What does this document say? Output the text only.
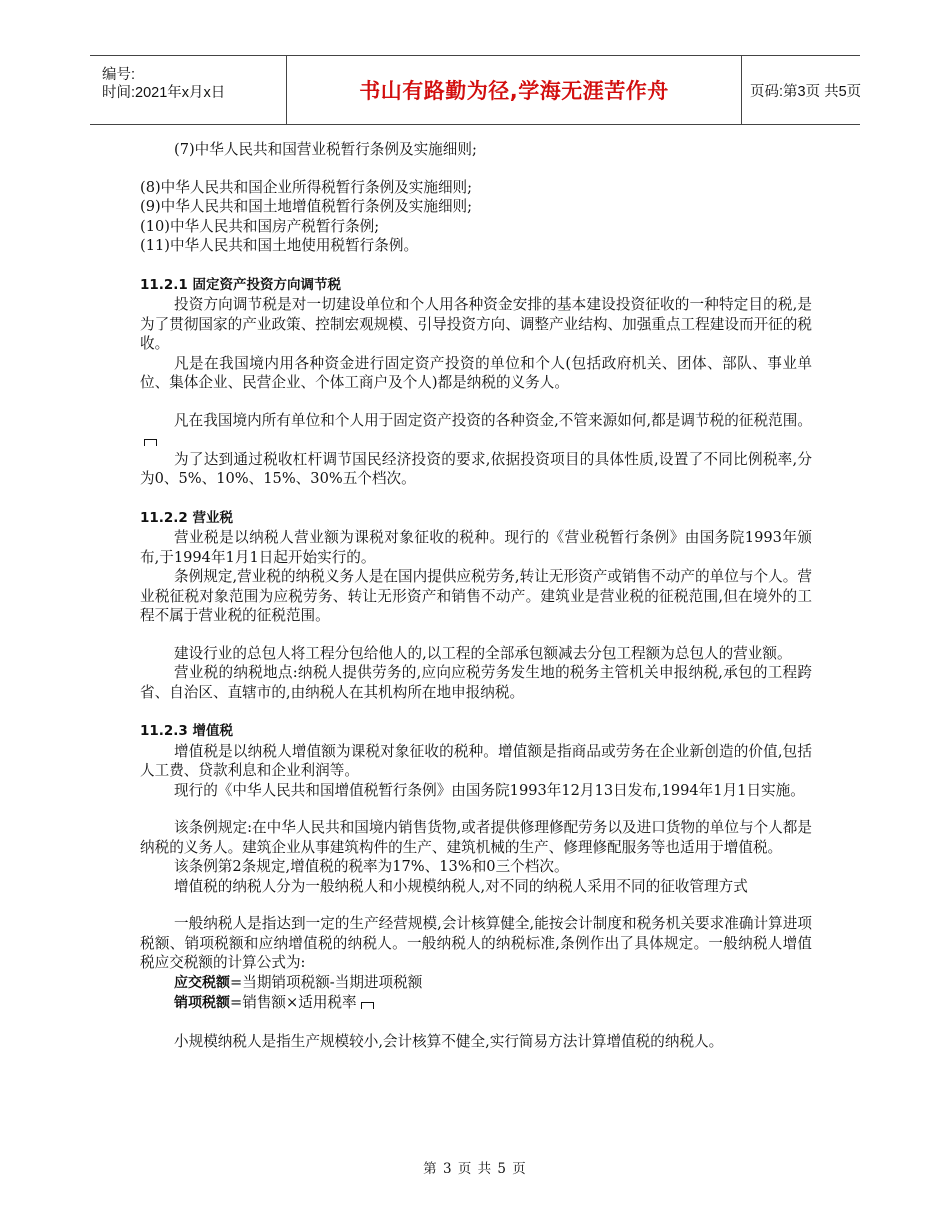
编号:
时间:2021年x月x日	书山有路勤为径,学海无涯苦作舟	页码:第3页 共5页
(7)中华人民共和国营业税暂行条例及实施细则;
(8)中华人民共和国企业所得税暂行条例及实施细则;
(9)中华人民共和国土地增值税暂行条例及实施细则;
(10)中华人民共和国房产税暂行条例;
(11)中华人民共和国土地使用税暂行条例。
11.2.1 固定资产投资方向调节税

投资方向调节税是对一切建设单位和个人用各种资金安排的基本建设投资征收的一种特定目的税,是为了贯彻国家的产业政策、控制宏观规模、引导投资方向、调整产业结构、加强重点工程建设而开征的税收。

凡是在我国境内用各种资金进行固定资产投资的单位和个人(包括政府机关、团体、部队、事业单位、集体企业、民营企业、个体工商户及个人)都是纳税的义务人。

凡在我国境内所有单位和个人用于固定资产投资的各种资金,不管来源如何,都是调节税的征税范围。

为了达到通过税收杠杆调节国民经济投资的要求,依据投资项目的具体性质,设置了不同比例税率,分为0、5%、10%、15%、30%五个档次。

11.2.2 营业税

营业税是以纳税人营业额为课税对象征收的税种。现行的《营业税暂行条例》由国务院1993年颁布,于1994年1月1日起开始实行的。

条例规定,营业税的纳税义务人是在国内提供应税劳务,转让无形资产或销售不动产的单位与个人。营业税征税对象范围为应税劳务、转让无形资产和销售不动产。建筑业是营业税的征税范围,但在境外的工程不属于营业税的征税范围。

建设行业的总包人将工程分包给他人的,以工程的全部承包额减去分包工程额为总包人的营业额。

营业税的纳税地点:纳税人提供劳务的,应向应税劳务发生地的税务主管机关申报纳税,承包的工程跨省、自治区、直辖市的,由纳税人在其机构所在地申报纳税。

11.2.3 增值税

增值税是以纳税人增值额为课税对象征收的税种。增值额是指商品或劳务在企业新创造的价值,包括人工费、贷款利息和企业利润等。

现行的《中华人民共和国增值税暂行条例》由国务院1993年12月13日发布,1994年1月1日实施。

该条例规定:在中华人民共和国境内销售货物,或者提供修理修配劳务以及进口货物的单位与个人都是纳税的义务人。建筑企业从事建筑构件的生产、建筑机械的生产、修理修配服务等也适用于增值税。

该条例第2条规定,增值税的税率为17%、13%和0三个档次。

增值税的纳税人分为一般纳税人和小规模纳税人,对不同的纳税人采用不同的征收管理方式

一般纳税人是指达到一定的生产经营规模,会计核算健全,能按会计制度和税务机关要求准确计算进项税额、销项税额和应纳增值税的纳税人。一般纳税人的纳税标准,条例作出了具体规定。一般纳税人增值税应交税额的计算公式为:

应交税额=当期销项税额-当期进项税额
销项税额=销售额×适用税率

小规模纳税人是指生产规模较小,会计核算不健全,实行简易方法计算增值税的纳税人。

第 3 页 共 5 页
